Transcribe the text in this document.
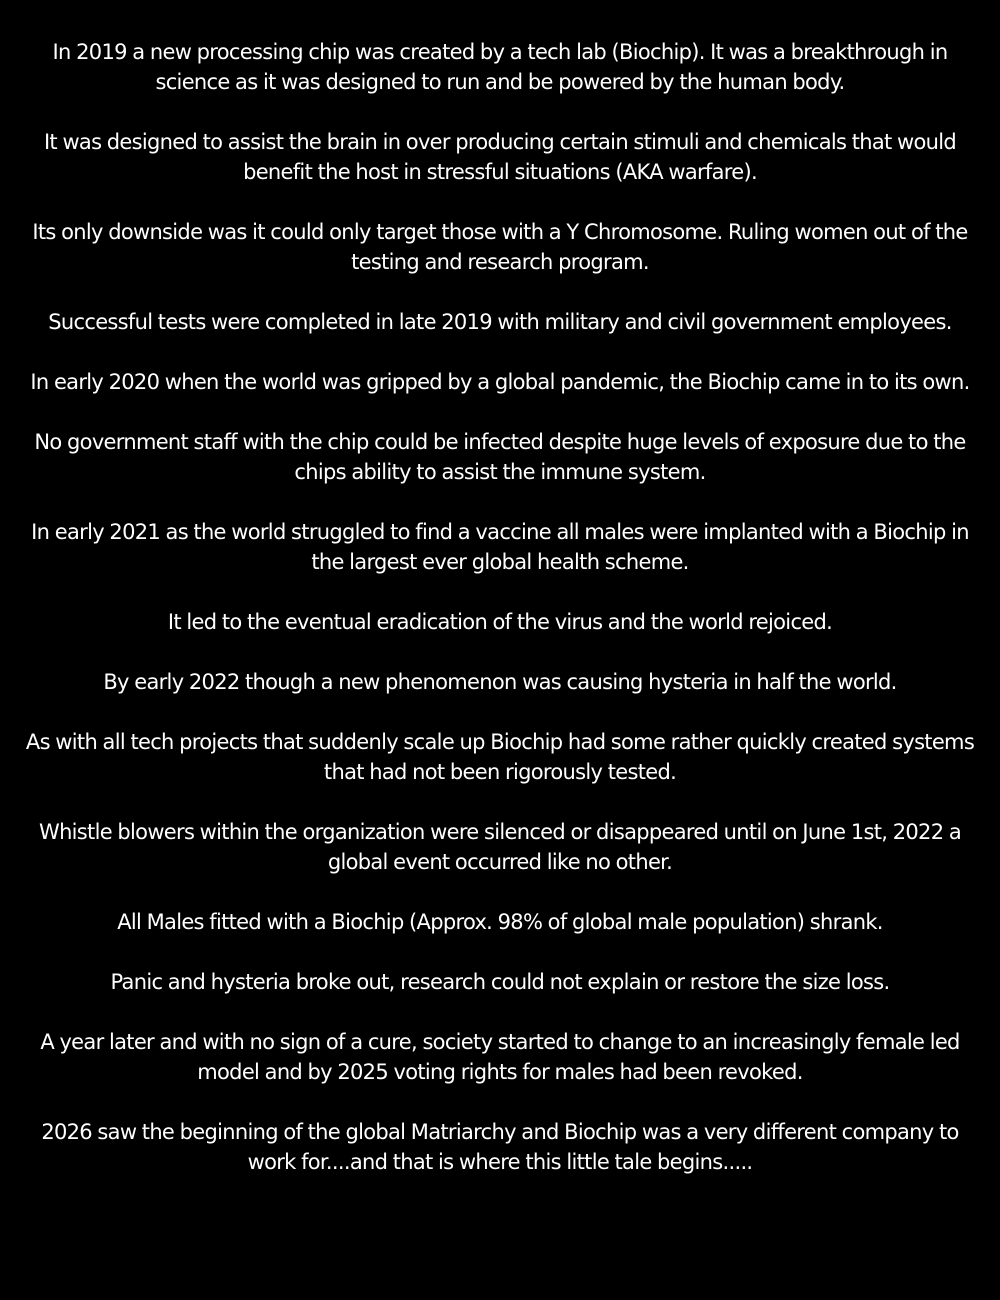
In 2019 a new processing chip was created by a tech lab (Biochip). It was a breakthrough in science as it was designed to run and be powered by the human body.

It was designed to assist the brain in over producing certain stimuli and chemicals that would benefit the host in stressful situations (AKA warfare).

Its only downside was it could only target those with a Y Chromosome. Ruling women out of the testing and research program.

Successful tests were completed in late 2019 with military and civil government employees.

In early 2020 when the world was gripped by a global pandemic, the Biochip came in to its own.

No government staff with the chip could be infected despite huge levels of exposure due to the chips ability to assist the immune system.

In early 2021 as the world struggled to find a vaccine all males were implanted with a Biochip in the largest ever global health scheme.

It led to the eventual eradication of the virus and the world rejoiced.

By early 2022 though a new phenomenon was causing hysteria in half the world.

As with all tech projects that suddenly scale up Biochip had some rather quickly created systems that had not been rigorously tested.

Whistle blowers within the organization were silenced or disappeared until on June 1st, 2022 a global event occurred like no other.

All Males fitted with a Biochip (Approx. 98% of global male population) shrank.

Panic and hysteria broke out, research could not explain or restore the size loss.

A year later and with no sign of a cure, society started to change to an increasingly female led model and by 2025 voting rights for males had been revoked.

2026 saw the beginning of the global Matriarchy and Biochip was a very different company to work for....and that is where this little tale begins.....
